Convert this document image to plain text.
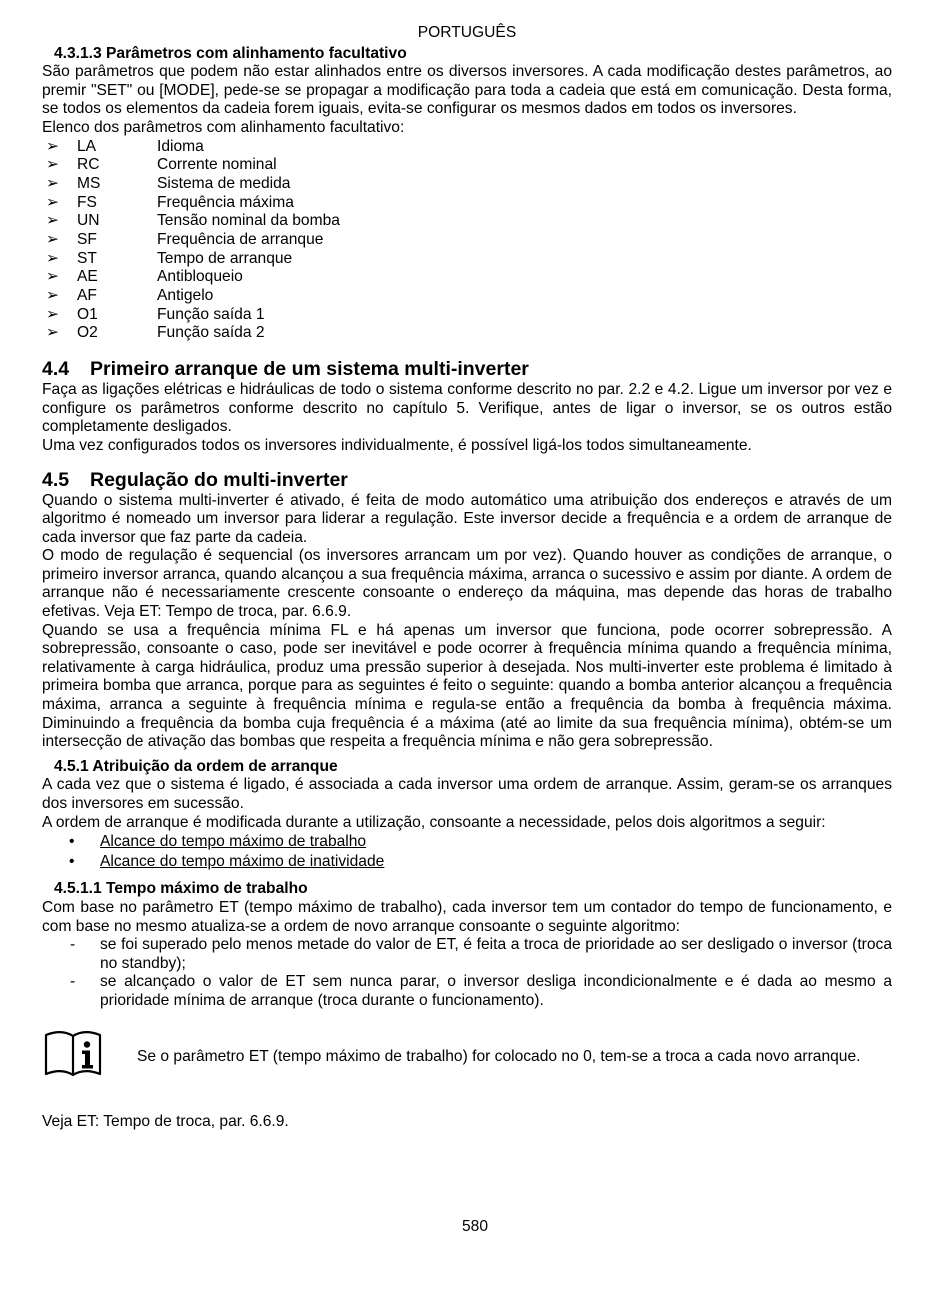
PORTUGUÊS
4.3.1.3 Parâmetros com alinhamento facultativo

São parâmetros que podem não estar alinhados entre os diversos inversores. A cada modificação destes parâmetros, ao premir "SET" ou [MODE], pede-se se propagar a modificação para toda a cadeia que está em comunicação. Desta forma, se todos os elementos da cadeia forem iguais, evita-se configurar os mesmos dados em todos os inversores.

Elenco dos parâmetros com alinhamento facultativo:

➢	LA	Idioma
➢	RC	Corrente nominal
➢	MS	Sistema de medida
➢	FS	Frequência máxima
➢	UN	Tensão nominal da bomba
➢	SF	Frequência de arranque
➢	ST	Tempo de arranque
➢	AE	Antibloqueio
➢	AF	Antigelo
➢	O1	Função saída 1
➢	O2	Função saída 2
4.4 Primeiro arranque de um sistema multi-inverter

Faça as ligações elétricas e hidráulicas de todo o sistema conforme descrito no par. 2.2 e 4.2. Ligue um inversor por vez e configure os parâmetros conforme descrito no capítulo 5. Verifique, antes de ligar o inversor, se os outros estão completamente desligados.

Uma vez configurados todos os inversores individualmente, é possível ligá-los todos simultaneamente.

4.5 Regulação do multi-inverter

Quando o sistema multi-inverter é ativado, é feita de modo automático uma atribuição dos endereços e através de um algoritmo é nomeado um inversor para liderar a regulação. Este inversor decide a frequência e a ordem de arranque de cada inversor que faz parte da cadeia.

O modo de regulação é sequencial (os inversores arrancam um por vez). Quando houver as condições de arranque, o primeiro inversor arranca, quando alcançou a sua frequência máxima, arranca o sucessivo e assim por diante. A ordem de arranque não é necessariamente crescente consoante o endereço da máquina, mas depende das horas de trabalho efetivas. Veja ET: Tempo de troca, par. 6.6.9.

Quando se usa a frequência mínima FL e há apenas um inversor que funciona, pode ocorrer sobrepressão. A sobrepressão, consoante o caso, pode ser inevitável e pode ocorrer à frequência mínima quando a frequência mínima, relativamente à carga hidráulica, produz uma pressão superior à desejada. Nos multi-inverter este problema é limitado à primeira bomba que arranca, porque para as seguintes é feito o seguinte: quando a bomba anterior alcançou a frequência máxima, arranca a seguinte à frequência mínima e regula-se então a frequência da bomba à frequência máxima. Diminuindo a frequência da bomba cuja frequência é a máxima (até ao limite da sua frequência mínima), obtém-se um intersecção de ativação das bombas que respeita a frequência mínima e não gera sobrepressão.

4.5.1 Atribuição da ordem de arranque

A cada vez que o sistema é ligado, é associada a cada inversor uma ordem de arranque. Assim, geram-se os arranques dos inversores em sucessão.

A ordem de arranque é modificada durante a utilização, consoante a necessidade, pelos dois algoritmos a seguir:

•	Alcance do tempo máximo de trabalho
•	Alcance do tempo máximo de inatividade
4.5.1.1 Tempo máximo de trabalho

Com base no parâmetro ET (tempo máximo de trabalho), cada inversor tem um contador do tempo de funcionamento, e com base no mesmo atualiza-se a ordem de novo arranque consoante o seguinte algoritmo:

-	se foi superado pelo menos metade do valor de ET, é feita a troca de prioridade ao ser desligado o inversor (troca no standby);
-	se alcançado o valor de ET sem nunca parar, o inversor desliga incondicionalmente e é dada ao mesmo a prioridade mínima de arranque (troca durante o funcionamento).
Se o parâmetro ET (tempo máximo de trabalho) for colocado no 0, tem-se a troca a cada novo arranque.

Veja ET: Tempo de troca, par. 6.6.9.

580
